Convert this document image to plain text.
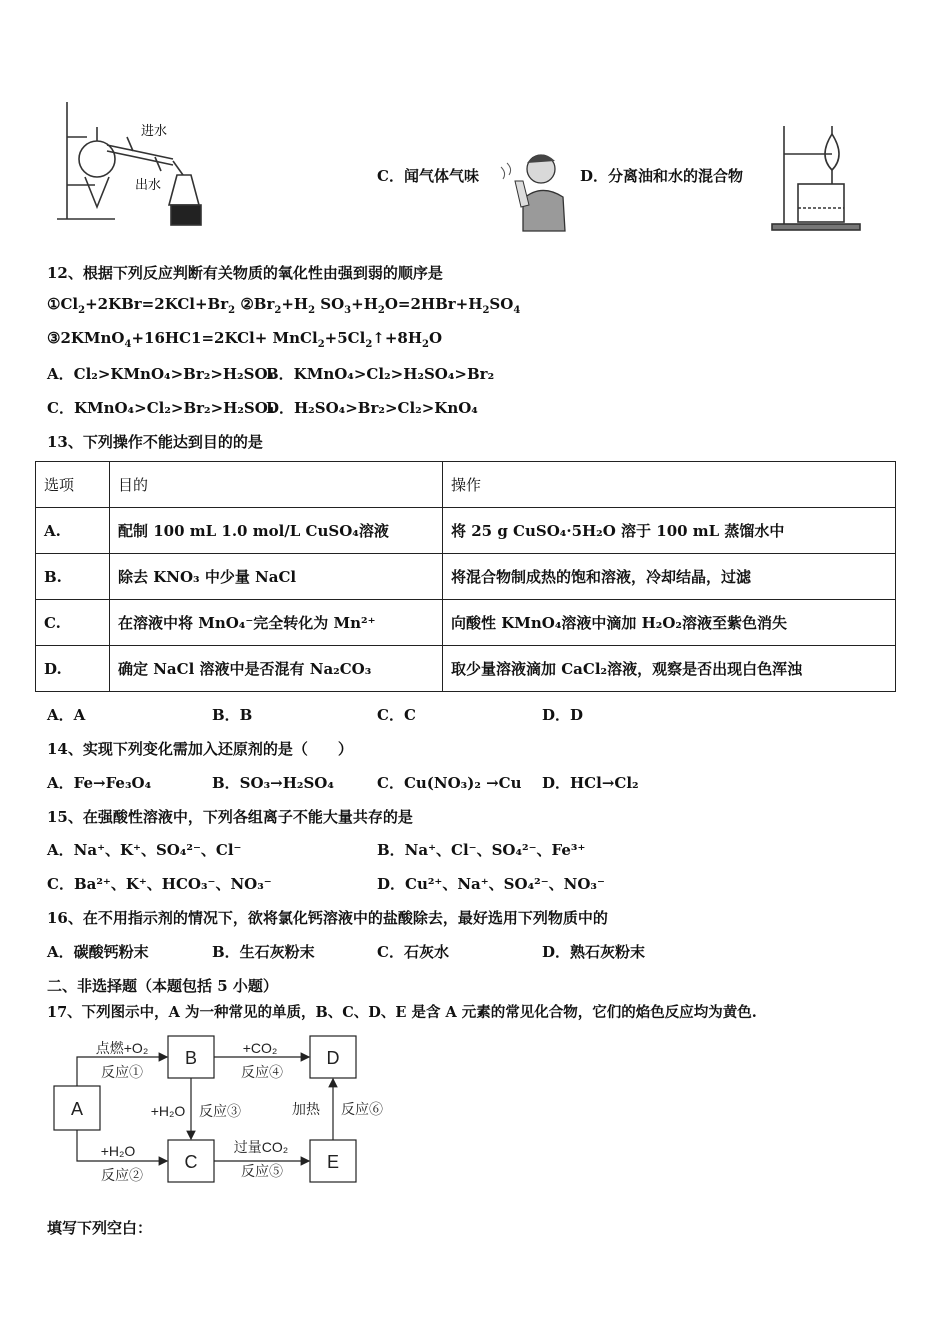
进水
出水	C．闻气体气味	D．分离油和水的混合物
12、根据下列反应判断有关物质的氧化性由强到弱的顺序是
$①Cl_2+2KBr=2KCl+Br_2$ $②Br_2+H_2$ $SO_3+H_2O=2HBr+H_2SO_4$
③2KMnO$_4$+16HC1=2KCl+ $MnCl_2+5Cl_2↑+8H_2O$
A．Cl₂>KMnO₄>Br₂>H₂SO₄
B．KMnO₄>Cl₂>H₂SO₄>Br₂
C．KMnO₄>Cl₂>Br₂>H₂SO₄
D．H₂SO₄>Br₂>Cl₂>KnO₄
13、下列操作不能达到目的的是
选项	目的	操作
A.	配制 100 mL 1.0 mol/L CuSO₄溶液	将 25 g CuSO₄·5H₂O 溶于 100 mL 蒸馏水中
B.	除去 KNO₃ 中少量 NaCl	将混合物制成热的饱和溶液，冷却结晶，过滤
C.	在溶液中将 MnO₄⁻完全转化为 Mn²⁺	向酸性 KMnO₄溶液中滴加 H₂O₂溶液至紫色消失
D.	确定 NaCl 溶液中是否混有 Na₂CO₃	取少量溶液滴加 CaCl₂溶液，观察是否出现白色浑浊
A．A	B．B	C．C	D．D
14、实现下列变化需加入还原剂的是（　　）
A．Fe→Fe₃O₄	B．SO₃→H₂SO₄	C．Cu(NO₃)₂ →Cu D．HCl→Cl₂
15、在强酸性溶液中，下列各组离子不能大量共存的是
A．Na⁺、K⁺、SO₄²⁻、Cl⁻	B．Na⁺、Cl⁻、SO₄²⁻、Fe³⁺
C．Ba²⁺、K⁺、HCO₃⁻、NO₃⁻	D．Cu²⁺、Na⁺、SO₄²⁻、NO₃⁻
16、在不用指示剂的情况下，欲将氯化钙溶液中的盐酸除去，最好选用下列物质中的
A．碳酸钙粉末	B．生石灰粉末	C．石灰水	D．熟石灰粉末
二、非选择题（本题包括 5 小题）
17、下列图示中，A 为一种常见的单质，B、C、D、E 是含 A 元素的常见化合物，它们的焰色反应均为黄色.
A
B	D
C	E
点燃+O₂
反应①
+H₂O
反应②
+H₂O 反应③
+CO₂
反应④
过量CO₂
反应⑤
加热 反应⑥
填写下列空白：
